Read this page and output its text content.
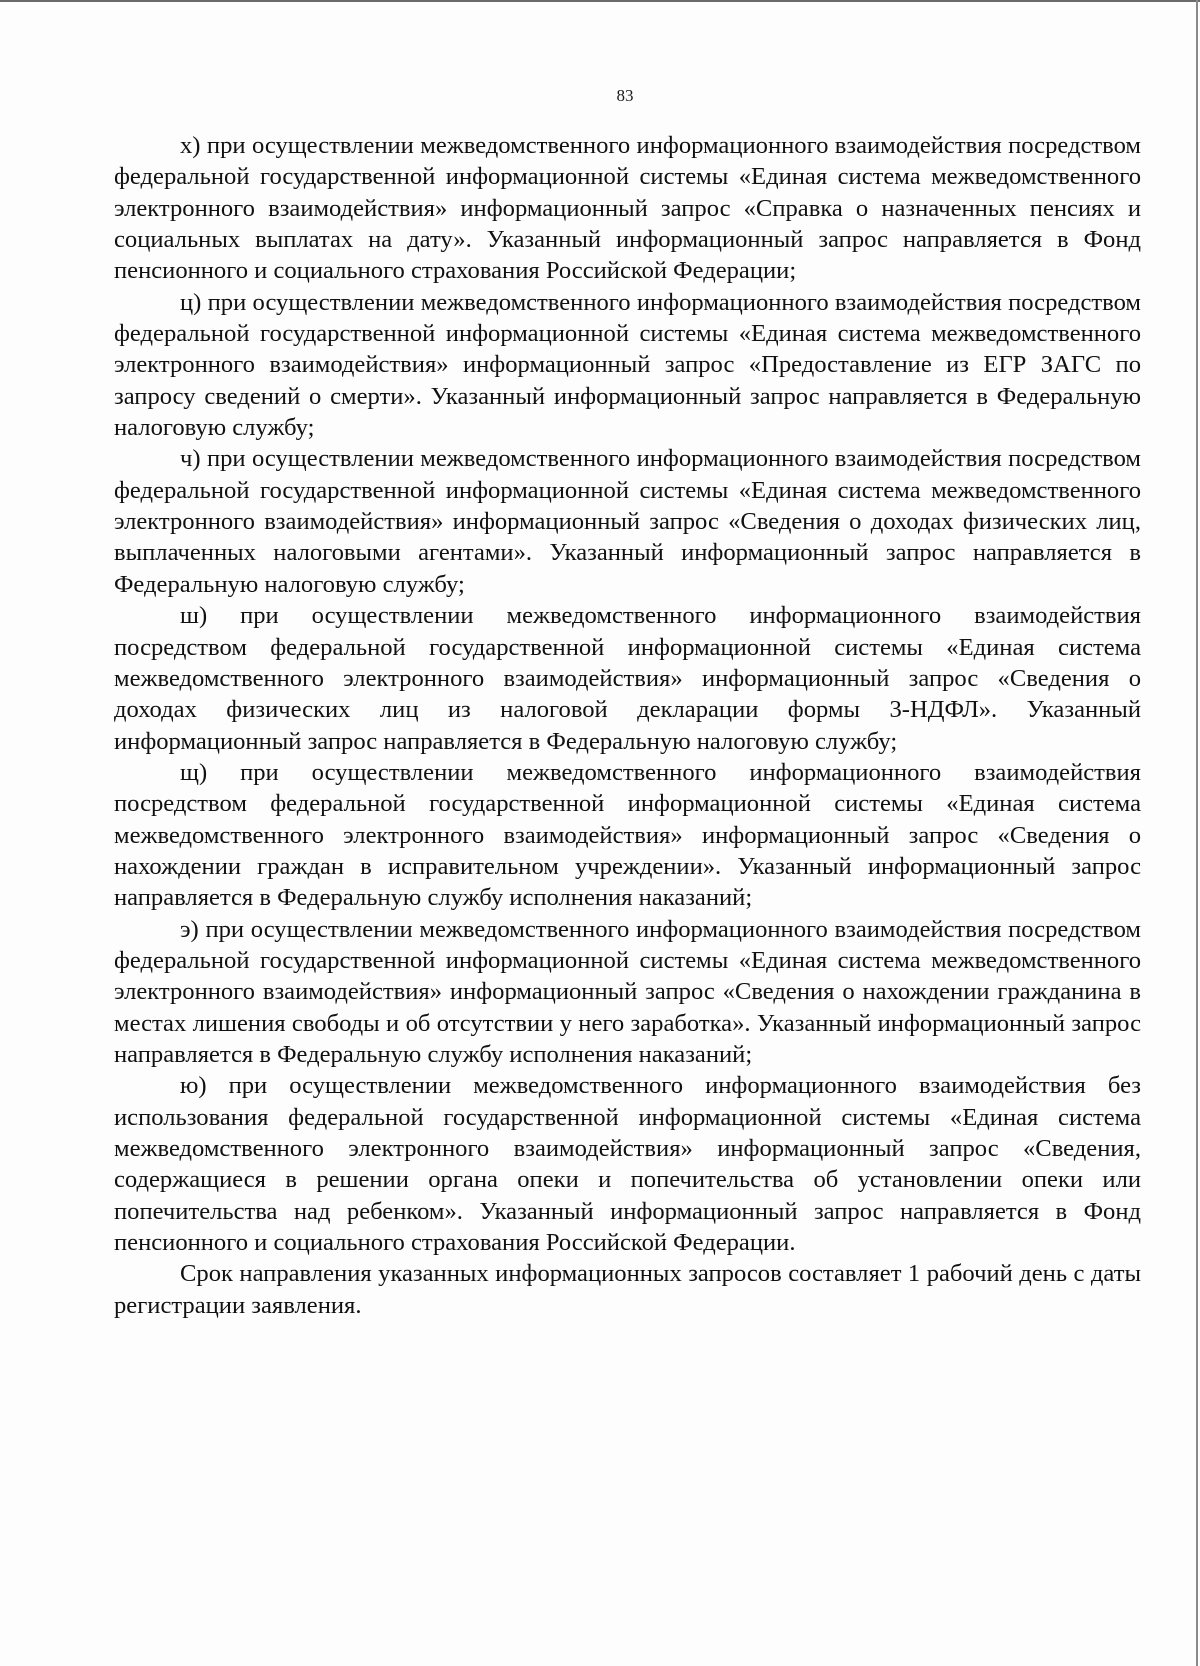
83

х) при осуществлении межведомственного информационного взаимодействия посредством федеральной государственной информационной системы «Единая система межведомственного электронного взаимодействия» информационный запрос «Справка о назначенных пенсиях и социальных выплатах на дату». Указанный информационный запрос направляется в Фонд пенсионного и социального страхования Российской Федерации;

ц) при осуществлении межведомственного информационного взаимодействия посредством федеральной государственной информационной системы «Единая система межведомственного электронного взаимодействия» информационный запрос «Предоставление из ЕГР ЗАГС по запросу сведений о смерти». Указанный информационный запрос направляется в Федеральную налоговую службу;

ч) при осуществлении межведомственного информационного взаимодействия посредством федеральной государственной информационной системы «Единая система межведомственного электронного взаимодействия» информационный запрос «Сведения о доходах физических лиц, выплаченных налоговыми агентами». Указанный информационный запрос направляется в Федеральную налоговую службу;

ш) при осуществлении межведомственного информационного взаимодействия посредством федеральной государственной информационной системы «Единая система межведомственного электронного взаимодействия» информационный запрос «Сведения о доходах физических лиц из налоговой декларации формы 3-НДФЛ». Указанный информационный запрос направляется в Федеральную налоговую службу;

щ) при осуществлении межведомственного информационного взаимодействия посредством федеральной государственной информационной системы «Единая система межведомственного электронного взаимодействия» информационный запрос «Сведения о нахождении граждан в исправительном учреждении». Указанный информационный запрос направляется в Федеральную службу исполнения наказаний;

э) при осуществлении межведомственного информационного взаимодействия посредством федеральной государственной информационной системы «Единая система межведомственного электронного взаимодействия» информационный запрос «Сведения о нахождении гражданина в местах лишения свободы и об отсутствии у него заработка». Указанный информационный запрос направляется в Федеральную службу исполнения наказаний;

ю) при осуществлении межведомственного информационного взаимодействия без использования федеральной государственной информационной системы «Единая система межведомственного электронного взаимодействия» информационный запрос «Сведения, содержащиеся в решении органа опеки и попечительства об установлении опеки или попечительства над ребенком». Указанный информационный запрос направляется в Фонд пенсионного и социального страхования Российской Федерации.

Срок направления указанных информационных запросов составляет 1 рабочий день с даты регистрации заявления.
